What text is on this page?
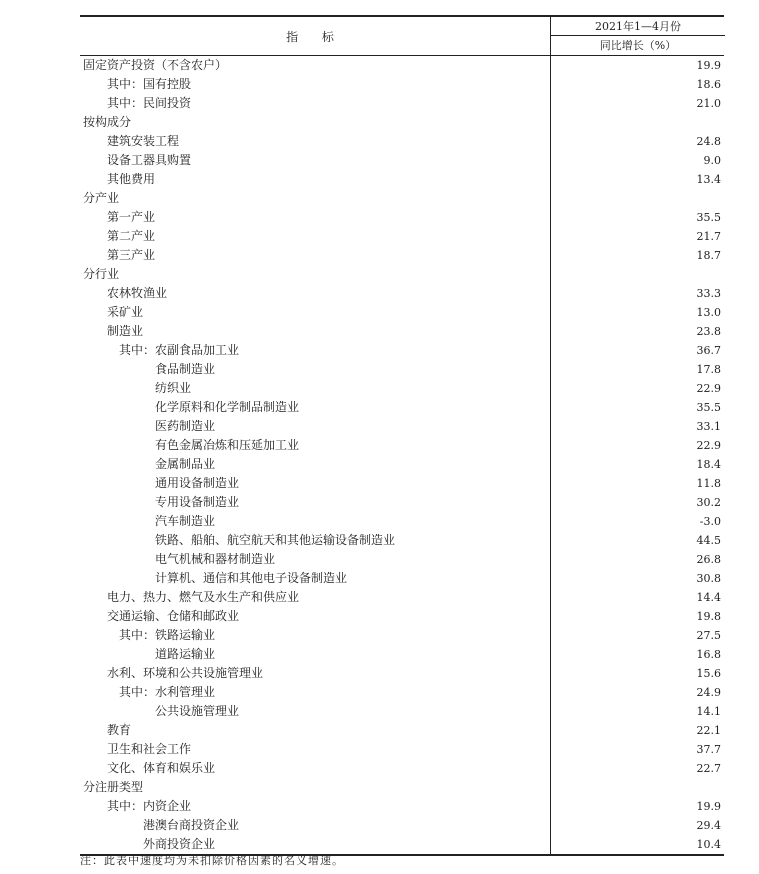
指 标
2021年1—4月份
同比增长（%）
固定资产投资（不含农户）	19.9
其中：国有控股	18.6
其中：民间投资	21.0
按构成分
建筑安装工程	24.8
设备工器具购置	9.0
其他费用	13.4
分产业
第一产业	35.5
第二产业	21.7
第三产业	18.7
分行业
农林牧渔业	33.3
采矿业	13.0
制造业	23.8
其中：农副食品加工业	36.7
食品制造业	17.8
纺织业	22.9
化学原料和化学制品制造业	35.5
医药制造业	33.1
有色金属冶炼和压延加工业	22.9
金属制品业	18.4
通用设备制造业	11.8
专用设备制造业	30.2
汽车制造业	-3.0
铁路、船舶、航空航天和其他运输设备制造业	44.5
电气机械和器材制造业	26.8
计算机、通信和其他电子设备制造业	30.8
电力、热力、燃气及水生产和供应业	14.4
交通运输、仓储和邮政业	19.8
其中：铁路运输业	27.5
道路运输业	16.8
水利、环境和公共设施管理业	15.6
其中：水利管理业	24.9
公共设施管理业	14.1
教育	22.1
卫生和社会工作	37.7
文化、体育和娱乐业	22.7
分注册类型
其中：内资企业	19.9
港澳台商投资企业	29.4
外商投资企业	10.4
注：此表中速度均为未扣除价格因素的名义增速。
